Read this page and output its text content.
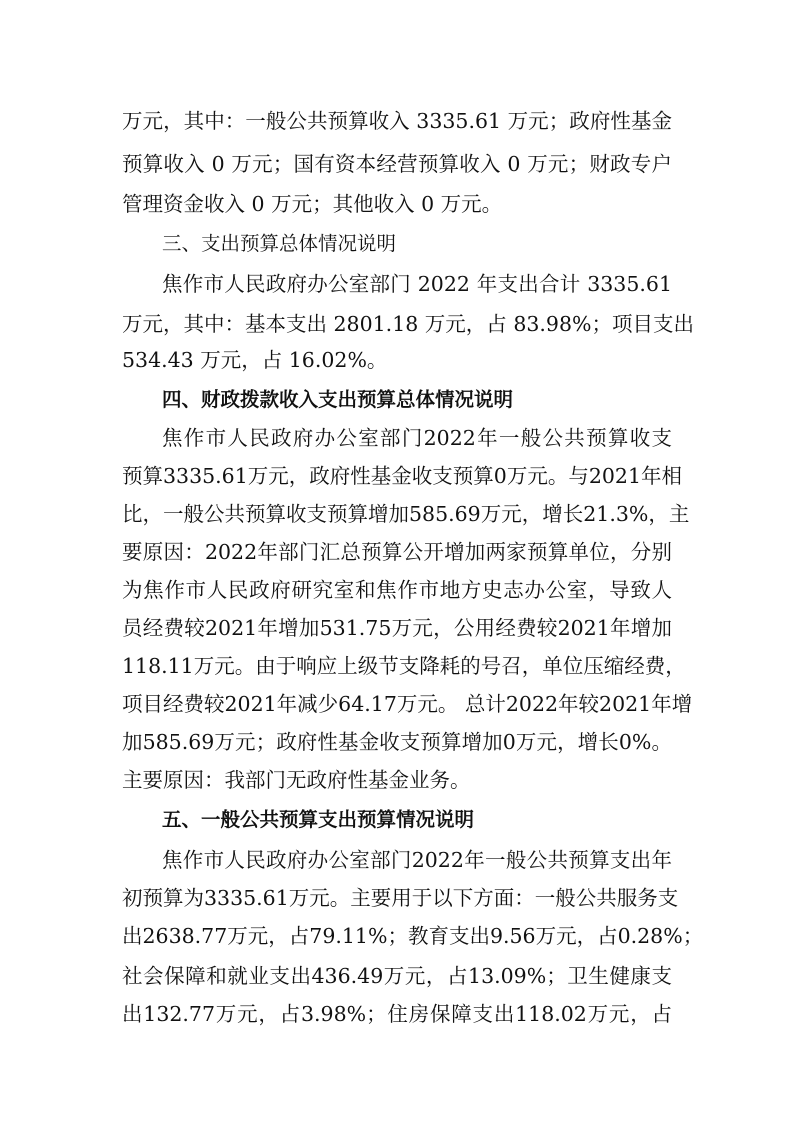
万元，其中：一般公共预算收入 3335.61 万元；政府性基金
预算收入 0 万元；国有资本经营预算收入 0 万元；财政专户
管理资金收入 0 万元；其他收入 0 万元。
三、支出预算总体情况说明
焦作市人民政府办公室部门 2022 年支出合计 3335.61
万元，其中：基本支出 2801.18 万元，占 83.98%；项目支出
534.43 万元，占 16.02%。
四、财政拨款收入支出预算总体情况说明
焦作市人民政府办公室部门2022年一般公共预算收支
预算3335.61万元，政府性基金收支预算0万元。与2021年相
比，一般公共预算收支预算增加585.69万元，增长21.3%，主
要原因：2022年部门汇总预算公开增加两家预算单位，分别
为焦作市人民政府研究室和焦作市地方史志办公室，导致人
员经费较2021年增加531.75万元，公用经费较2021年增加
118.11万元。由于响应上级节支降耗的号召，单位压缩经费，
项目经费较2021年减少64.17万元。 总计2022年较2021年增
加585.69万元；政府性基金收支预算增加0万元，增长0%。
主要原因：我部门无政府性基金业务。
五、一般公共预算支出预算情况说明
焦作市人民政府办公室部门2022年一般公共预算支出年
初预算为3335.61万元。主要用于以下方面：一般公共服务支
出2638.77万元，占79.11%；教育支出9.56万元，占0.28%；
社会保障和就业支出436.49万元，占13.09%；卫生健康支
出132.77万元，占3.98%；住房保障支出118.02万元，占
